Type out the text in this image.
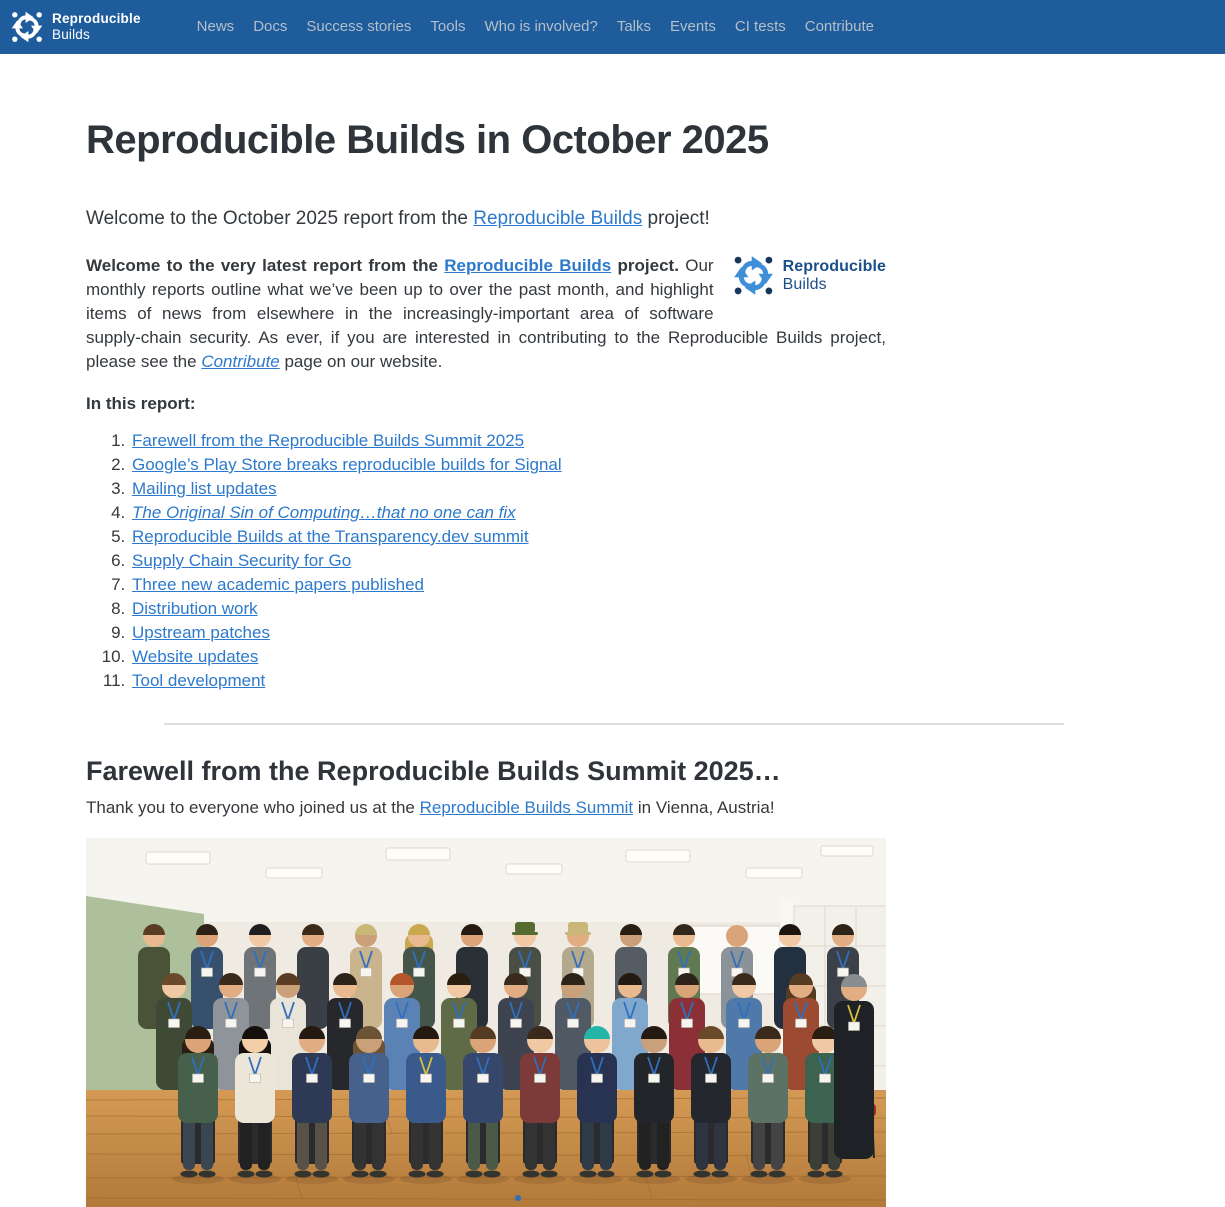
Reproducible
Builds	News Docs Success stories Tools Who is involved? Talks Events CI tests Contribute
Reproducible Builds in October 2025

Welcome to the October 2025 report from the Reproducible Builds project!

Reproducible
Builds
Welcome to the very latest report from the Reproducible Builds project. Our monthly reports outline what we’ve been up to over the past month, and highlight items of news from elsewhere in the increasingly-important area of software supply-chain security. As ever, if you are interested in contributing to the Reproducible Builds project, please see the Contribute page on our website.

In this report:

1. Farewell from the Reproducible Builds Summit 2025
2. Google’s Play Store breaks reproducible builds for Signal
3. Mailing list updates
4. The Original Sin of Computing…that no one can fix
5. Reproducible Builds at the Transparency.dev summit
6. Supply Chain Security for Go
7. Three new academic papers published
8. Distribution work
9. Upstream patches
10. Website updates
11. Tool development
Farewell from the Reproducible Builds Summit 2025…

Thank you to everyone who joined us at the Reproducible Builds Summit in Vienna, Austria!
